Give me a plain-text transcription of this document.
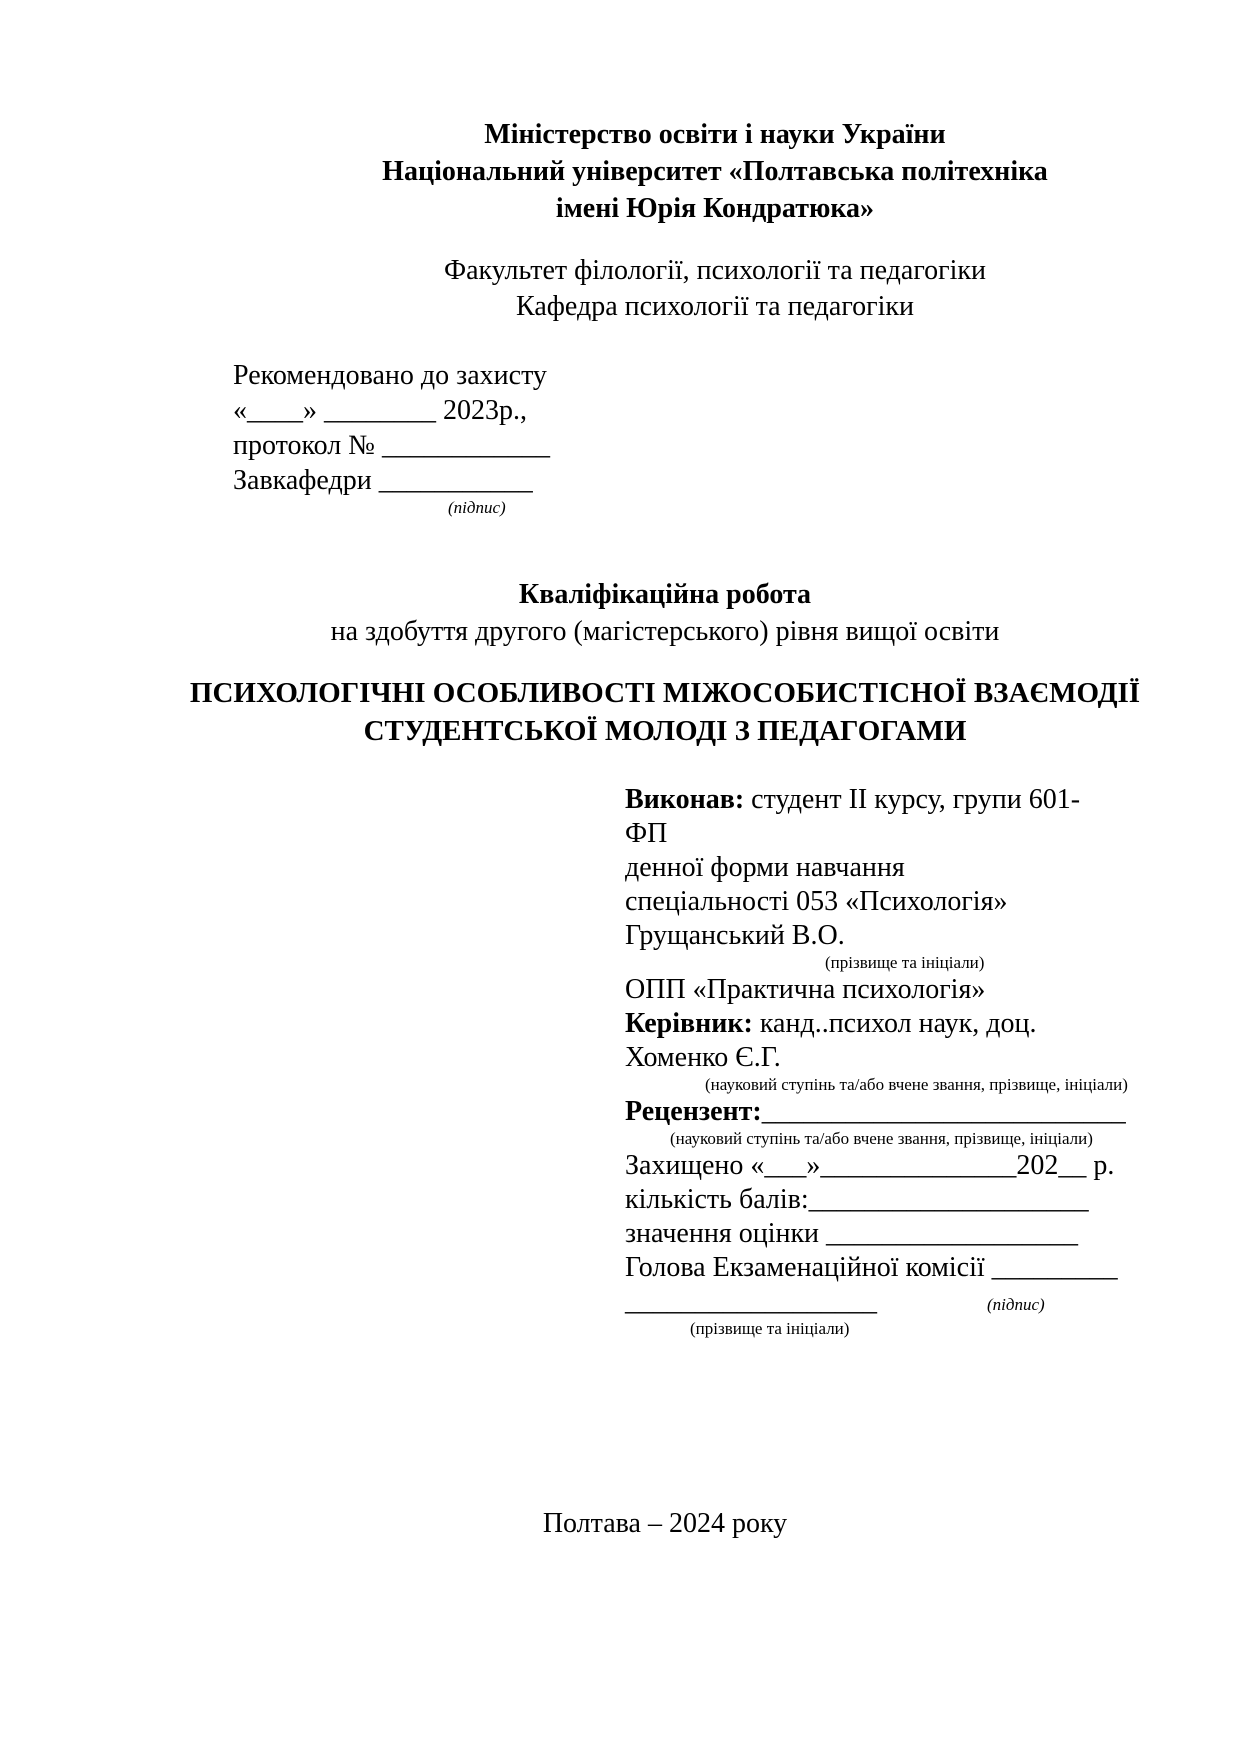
Міністерство освіти і науки України
Національний університет «Полтавська політехніка
імені Юрія Кондратюка»
Факультет філології, психології та педагогіки
Кафедра психології та педагогіки
Рекомендовано до захисту
«____» ________ 2023р.,
протокол № ____________
Завкафедри ___________
(підпис)
Кваліфікаційна робота
на здобуття другого (магістерського) рівня вищої освіти
ПСИХОЛОГІЧНІ ОСОБЛИВОСТІ МІЖОСОБИСТІСНОЇ ВЗАЄМОДІЇ
СТУДЕНТСЬКОЇ МОЛОДІ З ПЕДАГОГАМИ
Виконав: студент ІІ курсу, групи 601-
ФП
денної форми навчання
спеціальності 053 «Психологія»
Грущанський В.О.
(прізвище та ініціали)
ОПП «Практична психологія»
Керівник: канд..психол наук, доц.
Хоменко Є.Г.
(науковий ступінь та/або вчене звання, прізвище, ініціали)
Рецензент:__________________________
(науковий ступінь та/або вчене звання, прізвище, ініціали)
Захищено «___»______________202__ р.
кількість балів:____________________
значення оцінки __________________
Голова Екзаменаційної комісії _________
__________________	(підпис)
(прізвище та ініціали)
Полтава – 2024 року
